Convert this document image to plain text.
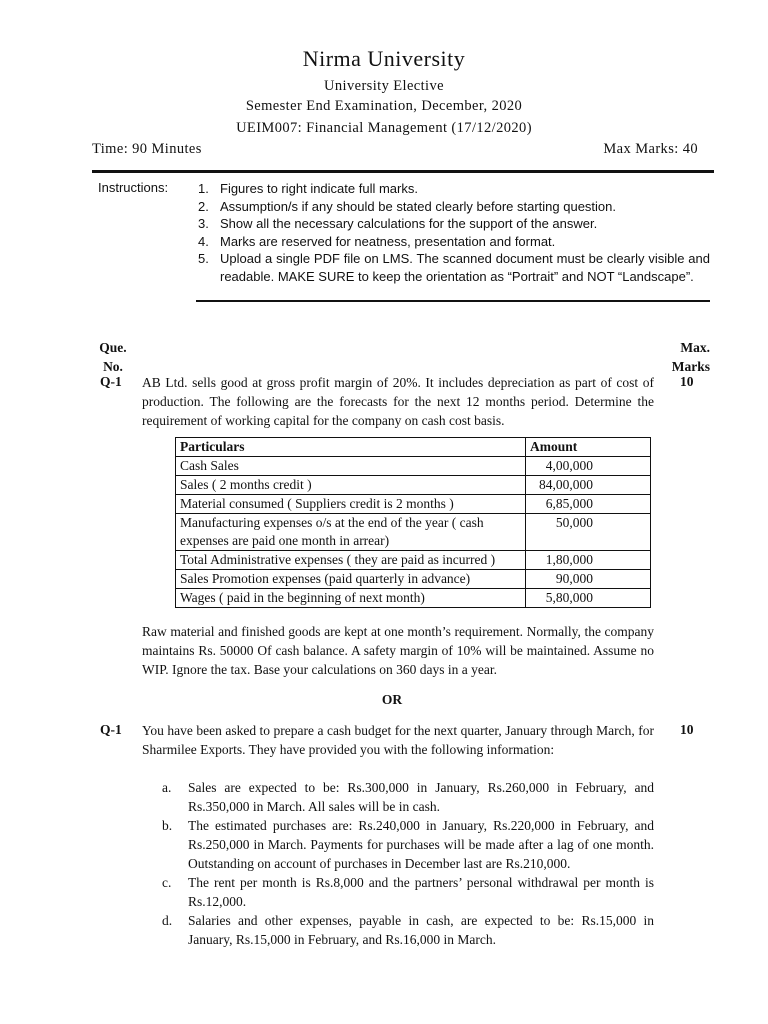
Nirma University
University Elective
Semester End Examination, December, 2020
UEIM007: Financial Management (17/12/2020)
Time: 90 Minutes	Max Marks: 40
Instructions: 1. Figures to right indicate full marks.
2. Assumption/s if any should be stated clearly before starting question.
3. Show all the necessary calculations for the support of the answer.
4. Marks are reserved for neatness, presentation and format.
5. Upload a single PDF file on LMS. The scanned document must be clearly visible and readable. MAKE SURE to keep the orientation as “Portrait” and NOT “Landscape”.
Que.
No.
Max.
Marks
Q-1	10
AB Ltd. sells good at gross profit margin of 20%. It includes depreciation as part of cost of production. The following are the forecasts for the next 12 months period. Determine the requirement of working capital for the company on cash cost basis.
Particulars	Amount
Cash Sales	4,00,000
Sales ( 2 months credit )	84,00,000
Material consumed ( Suppliers credit is 2 months )	6,85,000
Manufacturing expenses o/s at the end of the year ( cash expenses are paid one month in arrear)	50,000
Total Administrative expenses ( they are paid as incurred )	1,80,000
Sales Promotion expenses (paid quarterly in advance)	90,000
Wages ( paid in the beginning of next month)	5,80,000
Raw material and finished goods are kept at one month’s requirement. Normally, the company maintains Rs. 50000 Of cash balance. A safety margin of 10% will be maintained. Assume no WIP. Ignore the tax. Base your calculations on 360 days in a year.
OR
Q-1	10
You have been asked to prepare a cash budget for the next quarter, January through March, for Sharmilee Exports. They have provided you with the following information:
a.	Sales are expected to be: Rs.300,000 in January, Rs.260,000 in February, and Rs.350,000 in March. All sales will be in cash.
b.	The estimated purchases are: Rs.240,000 in January, Rs.220,000 in February, and Rs.250,000 in March. Payments for purchases will be made after a lag of one month. Outstanding on account of purchases in December last are Rs.210,000.
c.	The rent per month is Rs.8,000 and the partners’ personal withdrawal per month is Rs.12,000.
d.	Salaries and other expenses, payable in cash, are expected to be: Rs.15,000 in January, Rs.15,000 in February, and Rs.16,000 in March.
